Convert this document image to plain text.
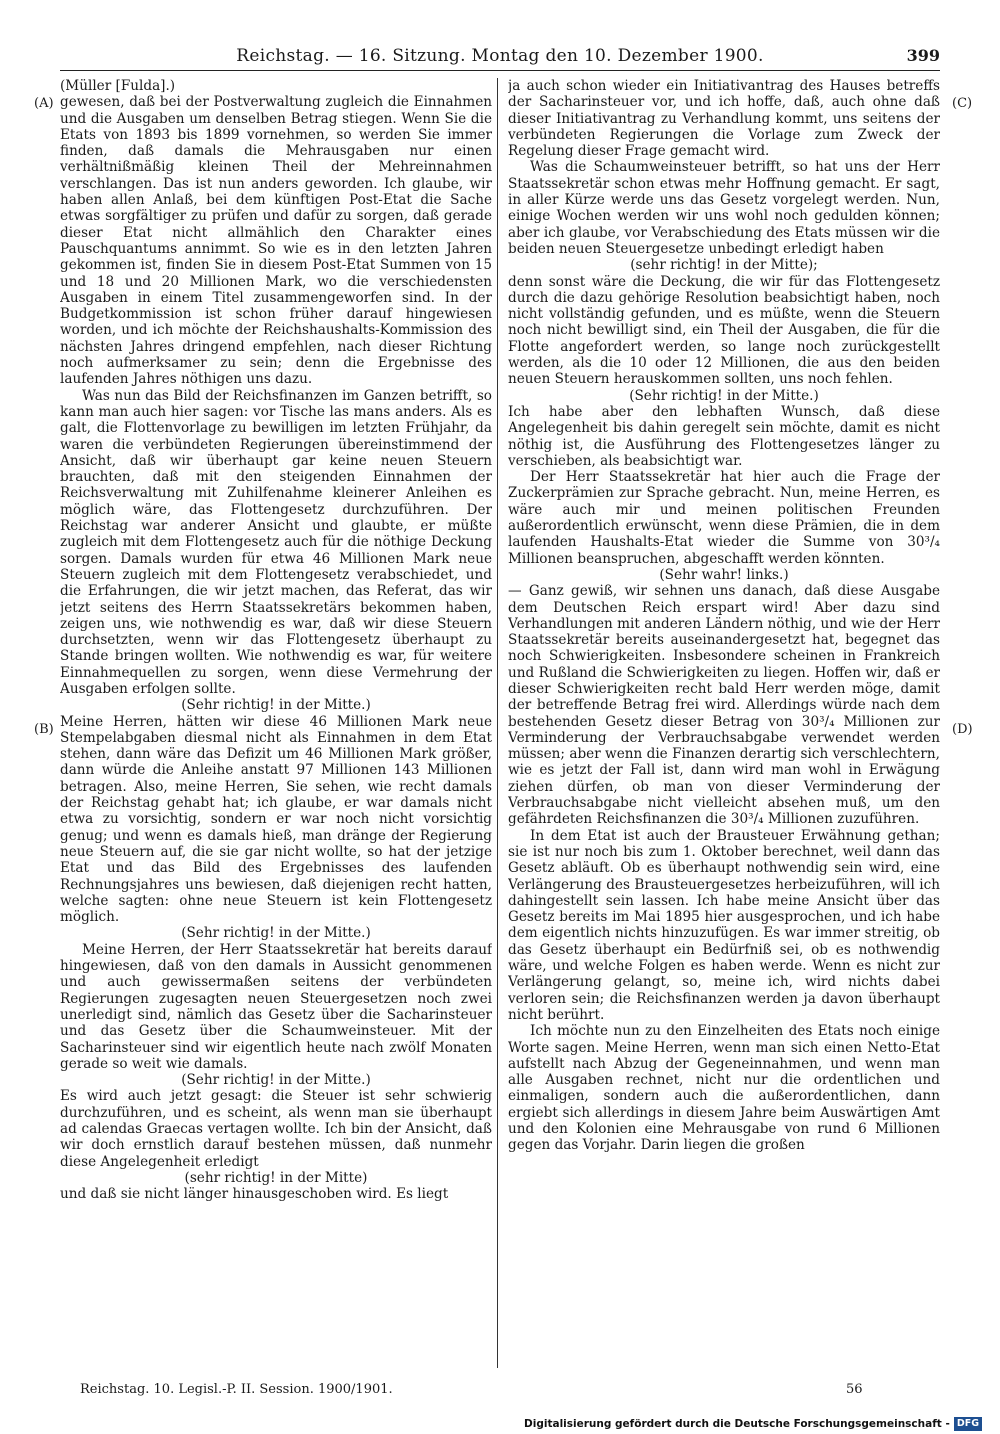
Reichstag. — 16. Sitzung. Montag den 10. Dezember 1900.	399
(A)
(B)
(C)
(D)

(Müller [Fulda].)

gewesen, daß bei der Postverwaltung zugleich die Einnahmen und die Ausgaben um denselben Betrag stiegen. Wenn Sie die Etats von 1893 bis 1899 vornehmen, so werden Sie immer finden, daß damals die Mehrausgaben nur einen verhältnißmäßig kleinen Theil der Mehreinnahmen verschlangen. Das ist nun anders geworden. Ich glaube, wir haben allen Anlaß, bei dem künftigen Post-Etat die Sache etwas sorgfältiger zu prüfen und dafür zu sorgen, daß gerade dieser Etat nicht allmählich den Charakter eines Pauschquantums annimmt. So wie es in den letzten Jahren gekommen ist, finden Sie in diesem Post-Etat Summen von 15 und 18 und 20 Millionen Mark, wo die verschiedensten Ausgaben in einem Titel zusammengeworfen sind. In der Budgetkommission ist schon früher darauf hingewiesen worden, und ich möchte der Reichshaushalts-Kommission des nächsten Jahres dringend empfehlen, nach dieser Richtung noch aufmerksamer zu sein; denn die Ergebnisse des laufenden Jahres nöthigen uns dazu.

Was nun das Bild der Reichsfinanzen im Ganzen betrifft, so kann man auch hier sagen: vor Tische las mans anders. Als es galt, die Flottenvorlage zu bewilligen im letzten Frühjahr, da waren die verbündeten Regierungen übereinstimmend der Ansicht, daß wir überhaupt gar keine neuen Steuern brauchten, daß mit den steigenden Einnahmen der Reichsverwaltung mit Zuhilfenahme kleinerer Anleihen es möglich wäre, das Flottengesetz durchzuführen. Der Reichstag war anderer Ansicht und glaubte, er müßte zugleich mit dem Flottengesetz auch für die nöthige Deckung sorgen. Damals wurden für etwa 46 Millionen Mark neue Steuern zugleich mit dem Flottengesetz verabschiedet, und die Erfahrungen, die wir jetzt machen, das Referat, das wir jetzt seitens des Herrn Staatssekretärs bekommen haben, zeigen uns, wie nothwendig es war, daß wir diese Steuern durchsetzten, wenn wir das Flottengesetz überhaupt zu Stande bringen wollten. Wie nothwendig es war, für weitere Einnahmequellen zu sorgen, wenn diese Vermehrung der Ausgaben erfolgen sollte.

(Sehr richtig! in der Mitte.)

Meine Herren, hätten wir diese 46 Millionen Mark neue Stempelabgaben diesmal nicht als Einnahmen in dem Etat stehen, dann wäre das Defizit um 46 Millionen Mark größer, dann würde die Anleihe anstatt 97 Millionen 143 Millionen betragen. Also, meine Herren, Sie sehen, wie recht damals der Reichstag gehabt hat; ich glaube, er war damals nicht etwa zu vorsichtig, sondern er war noch nicht vorsichtig genug; und wenn es damals hieß, man dränge der Regierung neue Steuern auf, die sie gar nicht wollte, so hat der jetzige Etat und das Bild des Ergebnisses des laufenden Rechnungsjahres uns bewiesen, daß diejenigen recht hatten, welche sagten: ohne neue Steuern ist kein Flottengesetz möglich.

(Sehr richtig! in der Mitte.)

Meine Herren, der Herr Staatssekretär hat bereits darauf hingewiesen, daß von den damals in Aussicht genommenen und auch gewissermaßen seitens der verbündeten Regierungen zugesagten neuen Steuergesetzen noch zwei unerledigt sind, nämlich das Gesetz über die Sacharinsteuer und das Gesetz über die Schaumweinsteuer. Mit der Sacharinsteuer sind wir eigentlich heute nach zwölf Monaten gerade so weit wie damals.

(Sehr richtig! in der Mitte.)

Es wird auch jetzt gesagt: die Steuer ist sehr schwierig durchzuführen, und es scheint, als wenn man sie überhaupt ad calendas Graecas vertagen wollte. Ich bin der Ansicht, daß wir doch ernstlich darauf bestehen müssen, daß nunmehr diese Angelegenheit erledigt

(sehr richtig! in der Mitte)

und daß sie nicht länger hinausgeschoben wird. Es liegt

ja auch schon wieder ein Initiativantrag des Hauses betreffs der Sacharinsteuer vor, und ich hoffe, daß, auch ohne daß dieser Initiativantrag zu Verhandlung kommt, uns seitens der verbündeten Regierungen die Vorlage zum Zweck der Regelung dieser Frage gemacht wird.

Was die Schaumweinsteuer betrifft, so hat uns der Herr Staatssekretär schon etwas mehr Hoffnung gemacht. Er sagt, in aller Kürze werde uns das Gesetz vorgelegt werden. Nun, einige Wochen werden wir uns wohl noch gedulden können; aber ich glaube, vor Verabschiedung des Etats müssen wir die beiden neuen Steuergesetze unbedingt erledigt haben

(sehr richtig! in der Mitte);

denn sonst wäre die Deckung, die wir für das Flottengesetz durch die dazu gehörige Resolution beabsichtigt haben, noch nicht vollständig gefunden, und es müßte, wenn die Steuern noch nicht bewilligt sind, ein Theil der Ausgaben, die für die Flotte angefordert werden, so lange noch zurückgestellt werden, als die 10 oder 12 Millionen, die aus den beiden neuen Steuern herauskommen sollten, uns noch fehlen.

(Sehr richtig! in der Mitte.)

Ich habe aber den lebhaften Wunsch, daß diese Angelegenheit bis dahin geregelt sein möchte, damit es nicht nöthig ist, die Ausführung des Flottengesetzes länger zu verschieben, als beabsichtigt war.

Der Herr Staatssekretär hat hier auch die Frage der Zuckerprämien zur Sprache gebracht. Nun, meine Herren, es wäre auch mir und meinen politischen Freunden außerordentlich erwünscht, wenn diese Prämien, die in dem laufenden Haushalts-Etat wieder die Summe von 30³/₄ Millionen beanspruchen, abgeschafft werden könnten.

(Sehr wahr! links.)

— Ganz gewiß, wir sehnen uns danach, daß diese Ausgabe dem Deutschen Reich erspart wird! Aber dazu sind Verhandlungen mit anderen Ländern nöthig, und wie der Herr Staatssekretär bereits auseinandergesetzt hat, begegnet das noch Schwierigkeiten. Insbesondere scheinen in Frankreich und Rußland die Schwierigkeiten zu liegen. Hoffen wir, daß er dieser Schwierigkeiten recht bald Herr werden möge, damit der betreffende Betrag frei wird. Allerdings würde nach dem bestehenden Gesetz dieser Betrag von 30³/₄ Millionen zur Verminderung der Verbrauchsabgabe verwendet werden müssen; aber wenn die Finanzen derartig sich verschlechtern, wie es jetzt der Fall ist, dann wird man wohl in Erwägung ziehen dürfen, ob man von dieser Verminderung der Verbrauchsabgabe nicht vielleicht absehen muß, um den gefährdeten Reichsfinanzen die 30³/₄ Millionen zuzuführen.

In dem Etat ist auch der Brausteuer Erwähnung gethan; sie ist nur noch bis zum 1. Oktober berechnet, weil dann das Gesetz abläuft. Ob es überhaupt nothwendig sein wird, eine Verlängerung des Brausteuergesetzes herbeizuführen, will ich dahingestellt sein lassen. Ich habe meine Ansicht über das Gesetz bereits im Mai 1895 hier ausgesprochen, und ich habe dem eigentlich nichts hinzuzufügen. Es war immer streitig, ob das Gesetz überhaupt ein Bedürfniß sei, ob es nothwendig wäre, und welche Folgen es haben werde. Wenn es nicht zur Verlängerung gelangt, so, meine ich, wird nichts dabei verloren sein; die Reichsfinanzen werden ja davon überhaupt nicht berührt.

Ich möchte nun zu den Einzelheiten des Etats noch einige Worte sagen. Meine Herren, wenn man sich einen Netto-Etat aufstellt nach Abzug der Gegeneinnahmen, und wenn man alle Ausgaben rechnet, nicht nur die ordentlichen und einmaligen, sondern auch die außerordentlichen, dann ergiebt sich allerdings in diesem Jahre beim Auswärtigen Amt und den Kolonien eine Mehrausgabe von rund 6 Millionen gegen das Vorjahr. Darin liegen die großen

Reichstag. 10. Legisl.-P. II. Session. 1900/1901.	56
Digitalisierung gefördert durch die Deutsche Forschungsgemeinschaft - DFG
